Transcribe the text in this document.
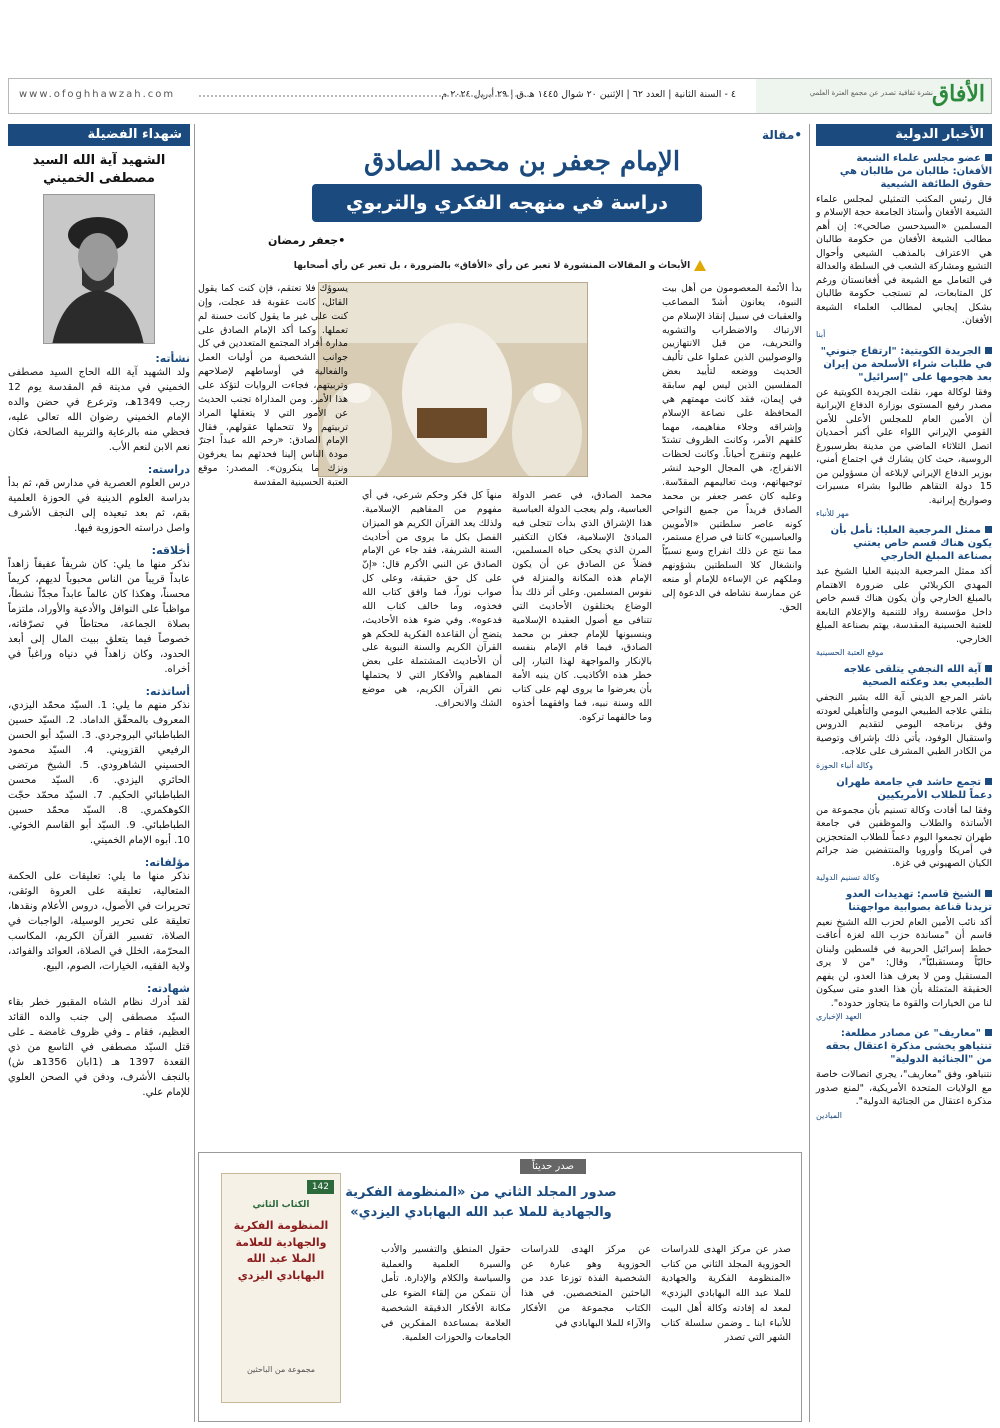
الأفاق
نشرة ثقافية تصدر عن مجمع العترة العلمي
٤ - السنة الثانية | العدد ٦٢ | الإثنين ٢٠ شوال ١٤٤٥ هـ.ق | ٢٩ أبريل ٢٠٢٤ م
www.ofoghhawzah.com
الأخبار الدولية
عضو مجلس علماء الشيعة الأفغان: طالبان من طالبان هي حقوق الطائفة الشيعية

قال رئيس المكتب التمثيلي لمجلس علماء الشيعة الأفغان وأستاذ الجامعة حجة الإسلام و المسلمين «السيدحسن صالحي»: إن أهم مطالب الشيعة الأفغان من حكومة طالبان هي الاعتراف بالمذهب الشيعي وأحوال التشيع ومشاركة الشعب في السلطة والعدالة في التعامل مع الشيعة في أفغانستان ورغم كل المتابعات، لم تستجب حكومة طالبان بشكل إيجابي لمطالب العلماء الشيعة الأفغان.

أبنا
الجريدة الكويتية: "ارتفاع جنوني" في طلبات شراء الأسلحة من إيران بعد هجومها على "إسرائيل"

وفقا لوكالة مهر، نقلت الجريدة الكويتية عن مصدر رفيع المستوى بوزارة الدفاع الإيرانية أن الأمين العام للمجلس الأعلى للأمن القومي الإيراني اللواء علي أكبر أحمديان اتصل الثلاثاء الماضي من مدينة بطرسبورغ الروسية، حيث كان يشارك في اجتماع أمني، بوزير الدفاع الإيراني لإبلاغه أن مسؤولين من 15 دولة التقاهم طالبوا بشراء مسيرات وصواريخ إيرانية.

مهر للأنباء
ممثل المرجعية العليا: نأمل بأن يكون هناك قسم خاص يعتني بصناعة المبلغ الخارجي

أكد ممثل المرجعية الدينية العليا الشيخ عبد المهدي الكربلائي على ضرورة الاهتمام بالمبلغ الخارجي وأن يكون هناك قسم خاص داخل مؤسسة رواد للتنمية والإعلام التابعة للعتبة الحسينية المقدسة، يهتم بصناعة المبلغ الخارجي.

موقع العتبة الحسينية
آية الله النجفي يتلقى علاجه الطبيعي بعد وعكته الصحية

باشر المرجع الديني آية الله بشير النجفي بتلقي علاجه الطبيعي اليومي والتأهيلي لعودته وفق برنامجه اليومي لتقديم الدروس واستقبال الوفود، يأتي ذلك بإشراف وتوصية من الكادر الطبي المشرف على علاجه.

وكالة أنباء الحوزة
تجمع حاشد في جامعة طهران دعماً للطلاب الأمريكيين

وفقا لما أفادت وكالة تسنيم بأن مجموعة من الأساتذة والطلاب والموظفين في جامعة طهران تجمعوا اليوم دعماً للطلاب المتحجزين في أمريكا وأوروبا والمنتفضين ضد جرائم الكيان الصهيوني في غزة.

وكالة تسنيم الدولية
الشيخ قاسم: تهديدات العدو تزيدنا قناعة بصوابية مواجهتنا

أكد نائب الأمين العام لحزب الله الشيخ نعيم قاسم أن "مساندة حزب الله لغزة أعاقت خطط إسرائيل الحربية في فلسطين ولبنان حاليّاً ومستقبليّاً"، وقال: "من لا يرى المستقبل ومن لا يعرف هذا العدو، لن يفهم الحقيقة المتمثلة بأن هذا العدو متى سيكون لنا من الخيارات والقوة ما يتجاوز حدوده".

العهد الإخباري
"معاريف" عن مصادر مطلعة: تنتياهو يخشى مذكرة اعتقال بحقه من "الجنائية الدولية"

نتنياهو، وفق "معاريف"، يجري اتصالات خاصة مع الولايات المتحدة الأمريكية، "لمنع صدور مذكرة اعتقال من الجنائية الدولية".

الميادين
شهداء الفضيلة
الشهيد آية الله السيد مصطفى الخميني
نشأته:

ولد الشهيد آية الله الحاج السيد مصطفى الخميني في مدينة قم المقدسة يوم 12 رجب 1349هـ، وترعرع في حضن والده الإمام الخميني رضوان الله تعالى عليه، فحظي منه بالرعاية والتربية الصالحة، فكان نعم الابن لنعم الأب.

دراسته:

درس العلوم العصرية في مدارس قم، ثم بدأ بدراسة العلوم الدينية في الحوزة العلمية بقم، ثم بعد تبعيده إلى النجف الأشرف واصل دراسته الحوزوية فيها.

أخلاقه:

نذكر منها ما يلي: كان شريفاً عفيفاً زاهداً عابداً قريباً من الناس محبوباً لديهم، كريماً محسناً، وهكذا كان عالماً عابداً مجدّاً نشطاً، مواظباً على النوافل والأدعية والأوراد، ملتزماً بصلاة الجماعة، محتاطاً في تصرّفاته، خصوصاً فيما يتعلق ببيت المال إلى أبعد الحدود، وكان زاهداً في دنياه وراغباً في أخراه.

أساتذته:

نذكر منهم ما يلي: 1. السيّد محمّد اليزدي، المعروف بالمحقّق الداماد. 2. السيّد حسين الطباطبائي البروجردي. 3. السيّد أبو الحسن الرفيعي القزويني. 4. السيّد محمود الحسيني الشاهرودي. 5. الشيخ مرتضى الحائري اليزدي. 6. السيّد محسن الطباطبائي الحكيم. 7. السيّد محمّد حجّت الكوهكمري. 8. السيّد محمّد حسين الطباطبائي. 9. السيّد أبو القاسم الخوئي. 10. أبوه الإمام الخميني.

مؤلفاته:

نذكر منها ما يلي: تعليقات على الحكمة المتعالية، تعليقة على العروة الوثقى، تحريرات في الأصول، دروس الأعلام ونقدها، تعليقة على تحرير الوسيلة، الواجبات في الصلاة، تفسير القرآن الكريم، المكاسب المحرّمة، الخلل في الصلاة، العوائد والفوائد، ولاية الفقيه، الخيارات، الصوم، البيع.

شهادته:

لقد أدرك نظام الشاه المقبور خطر بقاء السيّد مصطفى إلى جنب والده القائد العظيم، فقام ـ وفي ظروف غامضة ـ على قتل السيّد مصطفى في التاسع من ذي القعدة 1397 هـ (1ابان 1356هـ ش) بالنجف الأشرف، ودفن في الصحن العلوي للإمام علي.

•مقالة
الإمام جعفر بن محمد الصادق
دراسة في منهجه الفكري والتربوي
•جعفر رمضان
الأبحاث و المقالات المنشورة لا تعبر عن رأي «الأفاق» بالضرورة ، بل تعبر عن رأي أصحابها
بدأ الأئمة المعصومون من أهل بيت النبوة، يعانون أشدّ المصاعب والعقبات في سبيل إنقاذ الإسلام من الارتباك والاضطراب والتشويه والتحريف، من قبل الانتهازيين والوصوليين الذين عملوا على تأليف الحديث ووضعه لتأييد بعض المفلسين الذين ليس لهم سابقة في إيمان، فقد كانت مهمتهم هي المحافظة على نصاعة الإسلام وإشراقه وجلاء مفاهيمه، مهما كلفهم الأمر، وكانت الظروف تشتدّ عليهم وتنفرج أحياناً. وكانت لحظات الانفراج، هي المجال الوحيد لنشر توجيهاتهم، وبث تعاليمهم المقدّسة. وعليه كان عصر جعفر بن محمد الصادق فريداً من جميع النواحي كونه عاصر سلطتين «الأمويين والعباسيين» كانتا في صراع مستمر، مما نتج عن ذلك انفراج وسع نسبيّاً وانشغال كلا السلطتين بشؤونهم وملكهم عن الإساءة للإمام أو منعه عن ممارسة نشاطه في الدعوة إلى الحق.
محمد الصادق، في عصر الدولة العباسية، ولم يعجب الدولة العباسية هذا الإشراق الذي بدأت تتجلى فيه المبادئ الإسلامية، فكان التكفير المرن الذي يحكى حياة المسلمين، فضلاً عن الصادق عن أن يكون الإمام هذه المكانة والمنزلة في نفوس المسلمين. وعلى أثر ذلك بدأ الوضاع يختلقون الأحاديث التي تتنافى مع أصول العقيدة الإسلامية وينسبونها للإمام جعفر بن محمد الصادق، فيما قام الإمام بنفسه بالإنكار والمواجهة لهذا التيار، إلى خطر هذه الأكاذيب. كان ينبه الأمة بأن يعرضوا ما يروى لهم على كتاب الله وسنة نبيه، فما وافقهما أخذوه وما خالفهما تركوه.
منهاً كل فكر وحكم شرعي، في أي مفهوم من المفاهيم الإسلامية. ولذلك يعد القرآن الكريم هو الميزان الفصل بكل ما يروى من أحاديث السنة الشريفة، فقد جاء عن الإمام الصادق عن النبي الأكرم قال: «إنّ على كل حق حقيقة، وعلى كل صواب نوراً، فما وافق كتاب الله فخذوه، وما خالف كتاب الله فدعوه». وفي ضوء هذه الأحاديث، يتضح أن القاعدة الفكرية للحكم هو القرآن الكريم والسنة النبوية على أن الأحاديث المشتملة على بعض المفاهيم والأفكار التي لا يحتملها نص القرآن الكريم، هي موضع الشك والانحراف.
يسوؤك فلا تعتقم، فإن كنت كما يقول القائل، كانت عقوبة قد عجلت، وإن كنت على غير ما يقول كانت حسنة لم تعملها. وكما أكد الإمام الصادق على مدارة أفراد المجتمع المتعددين في كل جوانب الشخصية من أوليات العمل والفعالية في أوساطهم لإصلاحهم وتربيتهم، فجاءت الروايات لتؤكد على هذا الأمر. ومن المداراة تجنب الحديث عن الأمور التي لا يتعقلها المراد تربيتهم ولا تتحملها عقولهم، فقال الإمام الصادق: «رحم الله عبداً اجترّ مودة الناس إلينا فحدثهم بما يعرفون ونزك ما ينكرون». المصدر: موقع العتبة الحسينية المقدسة
صدر حديثاً
صدور المجلد الثاني من «المنظومة الفكرية والجهادية للملا عبد الله البهابادي اليزدي»
صدر عن مركز الهدى للدراسات الحوزوية المجلد الثاني من كتاب «المنظومة الفكرية والجهادية للملا عبد الله البهابادي اليزدي» لمعد له إفادته وكالة أهل البيت للأنباء ابنا ـ وضمن سلسلة كتاب الشهر التي تصدر
عن مركز الهدى للدراسات الحوزوية وهو عبارة عن الشخصية الفذة توزعا عدد من الباحثين المتخصصين. في هذا الكتاب مجموعة من الأفكار والآراء للملا البهابادي في
حقول المنطق والتفسير والأدب والسيرة العلمية والعملية والسياسة والكلام والإدارة. تأمل أن نتمكن من إلقاء الضوء على مكانة الأفكار الدقيقة الشخصية العلامة بمساعدة المفكرين في الجامعات والحوزات العلمية.
142
الكتاب الثاني
المنظومة الفكرية والجهادية للعلامة الملا عبد الله البهابادي اليزدي
مجموعة من الباحثين
